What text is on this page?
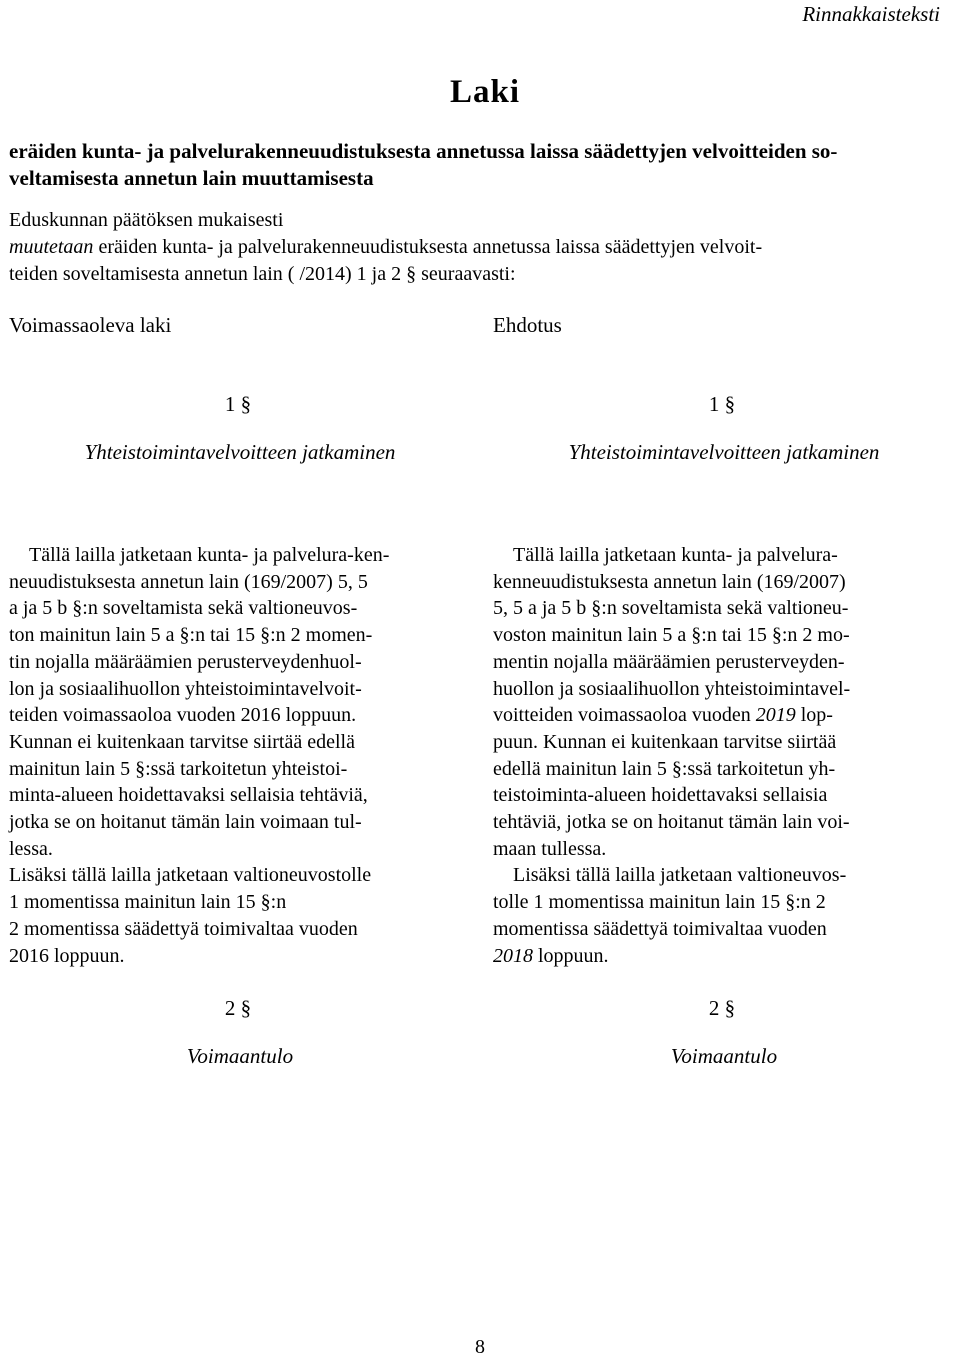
Rinnakkaisteksti
Laki
eräiden kunta- ja palvelurakenneuudistuksesta annetussa laissa säädettyjen velvoitteiden so-
veltamisesta annetun lain muuttamisesta
Eduskunnan päätöksen mukaisesti
muutetaan eräiden kunta- ja palvelurakenneuudistuksesta annetussa laissa säädettyjen velvoit-
teiden soveltamisesta annetun lain ( /2014) 1 ja 2 § seuraavasti:
Voimassaoleva laki	Ehdotus
1 §
Yhteistoimintavelvoitteen jatkaminen
1 §
Yhteistoimintavelvoitteen jatkaminen
Tällä lailla jatketaan kunta- ja palvelura-ken-
neuudistuksesta annetun lain (169/2007) 5, 5
a ja 5 b §:n soveltamista sekä valtioneuvos-
ton mainitun lain 5 a §:n tai 15 §:n 2 momen-
tin nojalla määräämien perusterveydenhuol-
lon ja sosiaalihuollon yhteistoimintavelvoit-
teiden voimassaoloa vuoden 2016 loppuun.
Kunnan ei kuitenkaan tarvitse siirtää edellä
mainitun lain 5 §:ssä tarkoitetun yhteistoi-
minta-alueen hoidettavaksi sellaisia tehtäviä,
jotka se on hoitanut tämän lain voimaan tul-
lessa.
Lisäksi tällä lailla jatketaan valtioneuvostolle
1 momentissa mainitun lain 15 §:n
2 momentissa säädettyä toimivaltaa vuoden
2016 loppuun.
Tällä lailla jatketaan kunta- ja palvelura-
kenneuudistuksesta annetun lain (169/2007)
5, 5 a ja 5 b §:n soveltamista sekä valtioneu-
voston mainitun lain 5 a §:n tai 15 §:n 2 mo-
mentin nojalla määräämien perusterveyden-
huollon ja sosiaalihuollon yhteistoimintavel-
voitteiden voimassaoloa vuoden 2019 lop-
puun. Kunnan ei kuitenkaan tarvitse siirtää
edellä mainitun lain 5 §:ssä tarkoitetun yh-
teistoiminta-alueen hoidettavaksi sellaisia
tehtäviä, jotka se on hoitanut tämän lain voi-
maan tullessa.
Lisäksi tällä lailla jatketaan valtioneuvos-
tolle 1 momentissa mainitun lain 15 §:n 2
momentissa säädettyä toimivaltaa vuoden
2018 loppuun.
2 §
Voimaantulo
2 §
Voimaantulo
8
